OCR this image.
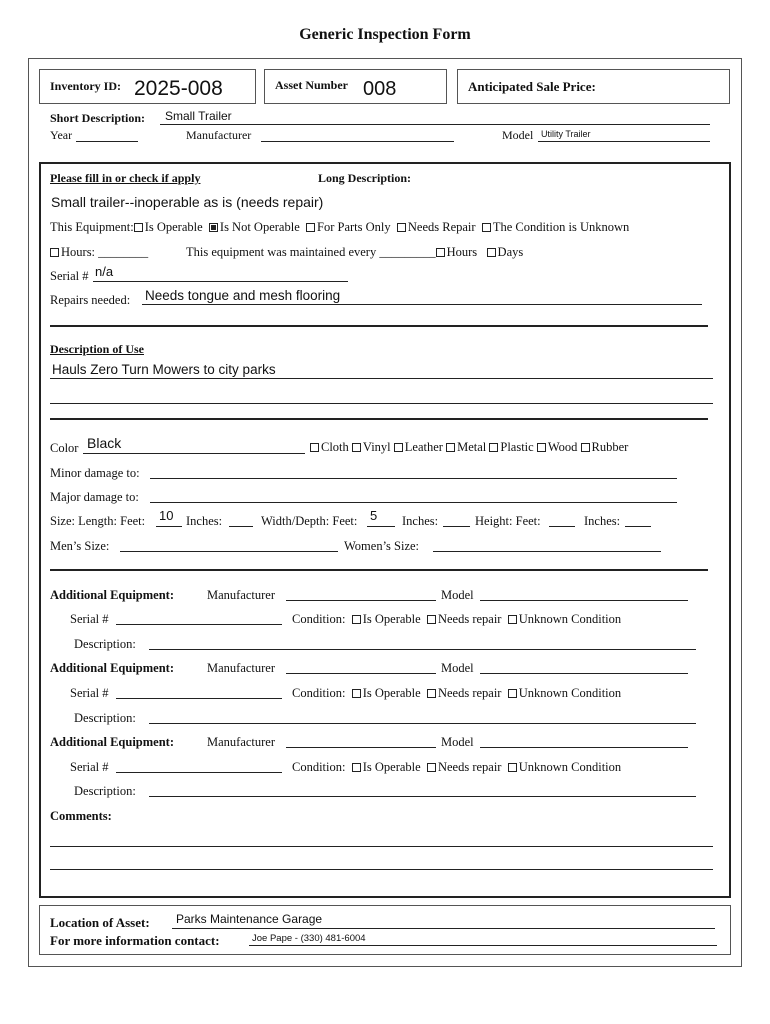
Generic Inspection Form
Inventory ID: 2025-008	Asset Number 008	Anticipated Sale Price:
Short Description: Small Trailer
Year	Manufacturer	Model Utility Trailer
Please fill in or check if apply	Long Description:
Small trailer--inoperable as is (needs repair)
This Equipment: Is Operable Is Not Operable For Parts Only Needs Repair The Condition is Unknown
Hours: ________	This equipment was maintained every _________ Hours Days
Serial # n/a
Repairs needed: Needs tongue and mesh flooring
Description of Use
Hauls Zero Turn Mowers to city parks
Color Black	Cloth Vinyl Leather Metal Plastic Wood Rubber
Minor damage to:
Major damage to:
Size: Length: Feet: 10 Inches:	Width/Depth: Feet: 5 Inches:	Height: Feet:	Inches:
Men’s Size:	Women’s Size:
Additional Equipment:	Manufacturer	Model
Serial #	Condition: Is Operable Needs repair Unknown Condition
Description:
Additional Equipment:	Manufacturer	Model
Serial #	Condition: Is Operable Needs repair Unknown Condition
Description:
Additional Equipment:	Manufacturer	Model
Serial #	Condition: Is Operable Needs repair Unknown Condition
Description:
Comments:
Location of Asset: Parks Maintenance Garage
For more information contact:	Joe Pape - (330) 481-6004
